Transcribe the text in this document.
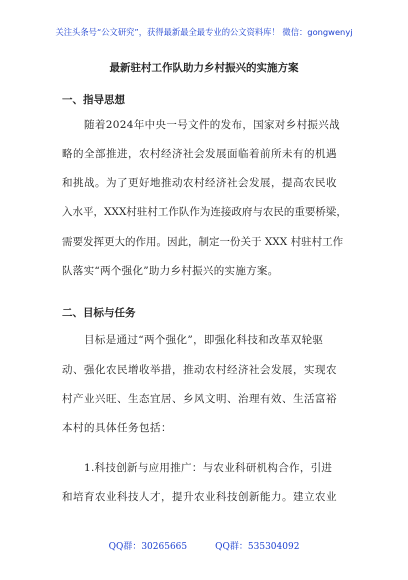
关注头条号“公文研究”，获得最新最全最专业的公文资料库！ 微信：gongwenyj
最新驻村工作队助力乡村振兴的实施方案
一、指导思想
随着2024年中央一号文件的发布，国家对乡村振兴战
略的全部推进，农村经济社会发展面临着前所未有的机遇
和挑战。为了更好地推动农村经济社会发展，提高农民收
入水平，XXX村驻村工作队作为连接政府与农民的重要桥梁，
需要发挥更大的作用。因此，制定一份关于 XXX 村驻村工作
队落实“两个强化”助力乡村振兴的实施方案。
二、目标与任务
目标是通过“两个强化”，即强化科技和改革双轮驱
动、强化农民增收举措，推动农村经济社会发展，实现农
村产业兴旺、生态宜居、乡风文明、治理有效、生活富裕
本村的具体任务包括：
1.科技创新与应用推广：与农业科研机构合作，引进
和培育农业科技人才，提升农业科技创新能力。建立农业
QQ群：30265665	QQ群：535304092
